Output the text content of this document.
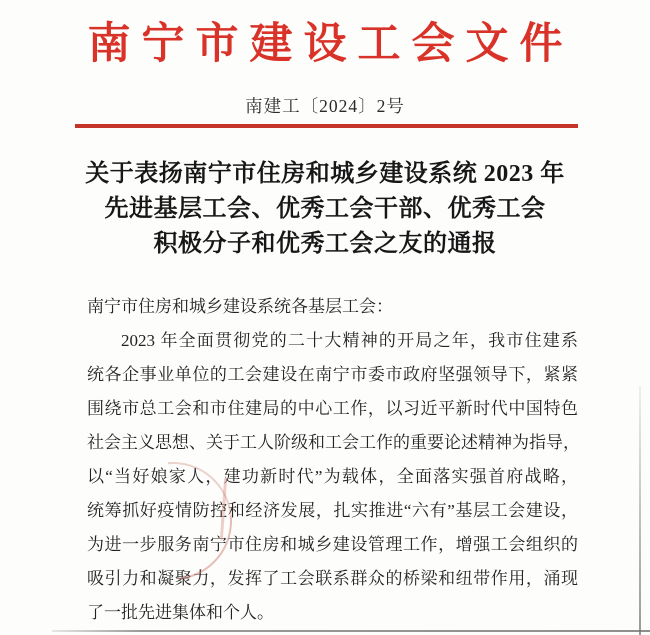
南宁市建设工会文件
南建工〔2024〕2号
关于表扬南宁市住房和城乡建设系统 2023 年
先进基层工会、优秀工会干部、优秀工会
积极分子和优秀工会之友的通报
南宁市住房和城乡建设系统各基层工会：
2023 年全面贯彻党的二十大精神的开局之年，我市住建系
统各企事业单位的工会建设在南宁市委市政府坚强领导下，紧紧
围绕市总工会和市住建局的中心工作，以习近平新时代中国特色
社会主义思想、关于工人阶级和工会工作的重要论述精神为指导，
以“当好娘家人，建功新时代”为载体，全面落实强首府战略，
统筹抓好疫情防控和经济发展，扎实推进“六有”基层工会建设，
为进一步服务南宁市住房和城乡建设管理工作，增强工会组织的
吸引力和凝聚力，发挥了工会联系群众的桥梁和纽带作用，涌现
了一批先进集体和个人。
